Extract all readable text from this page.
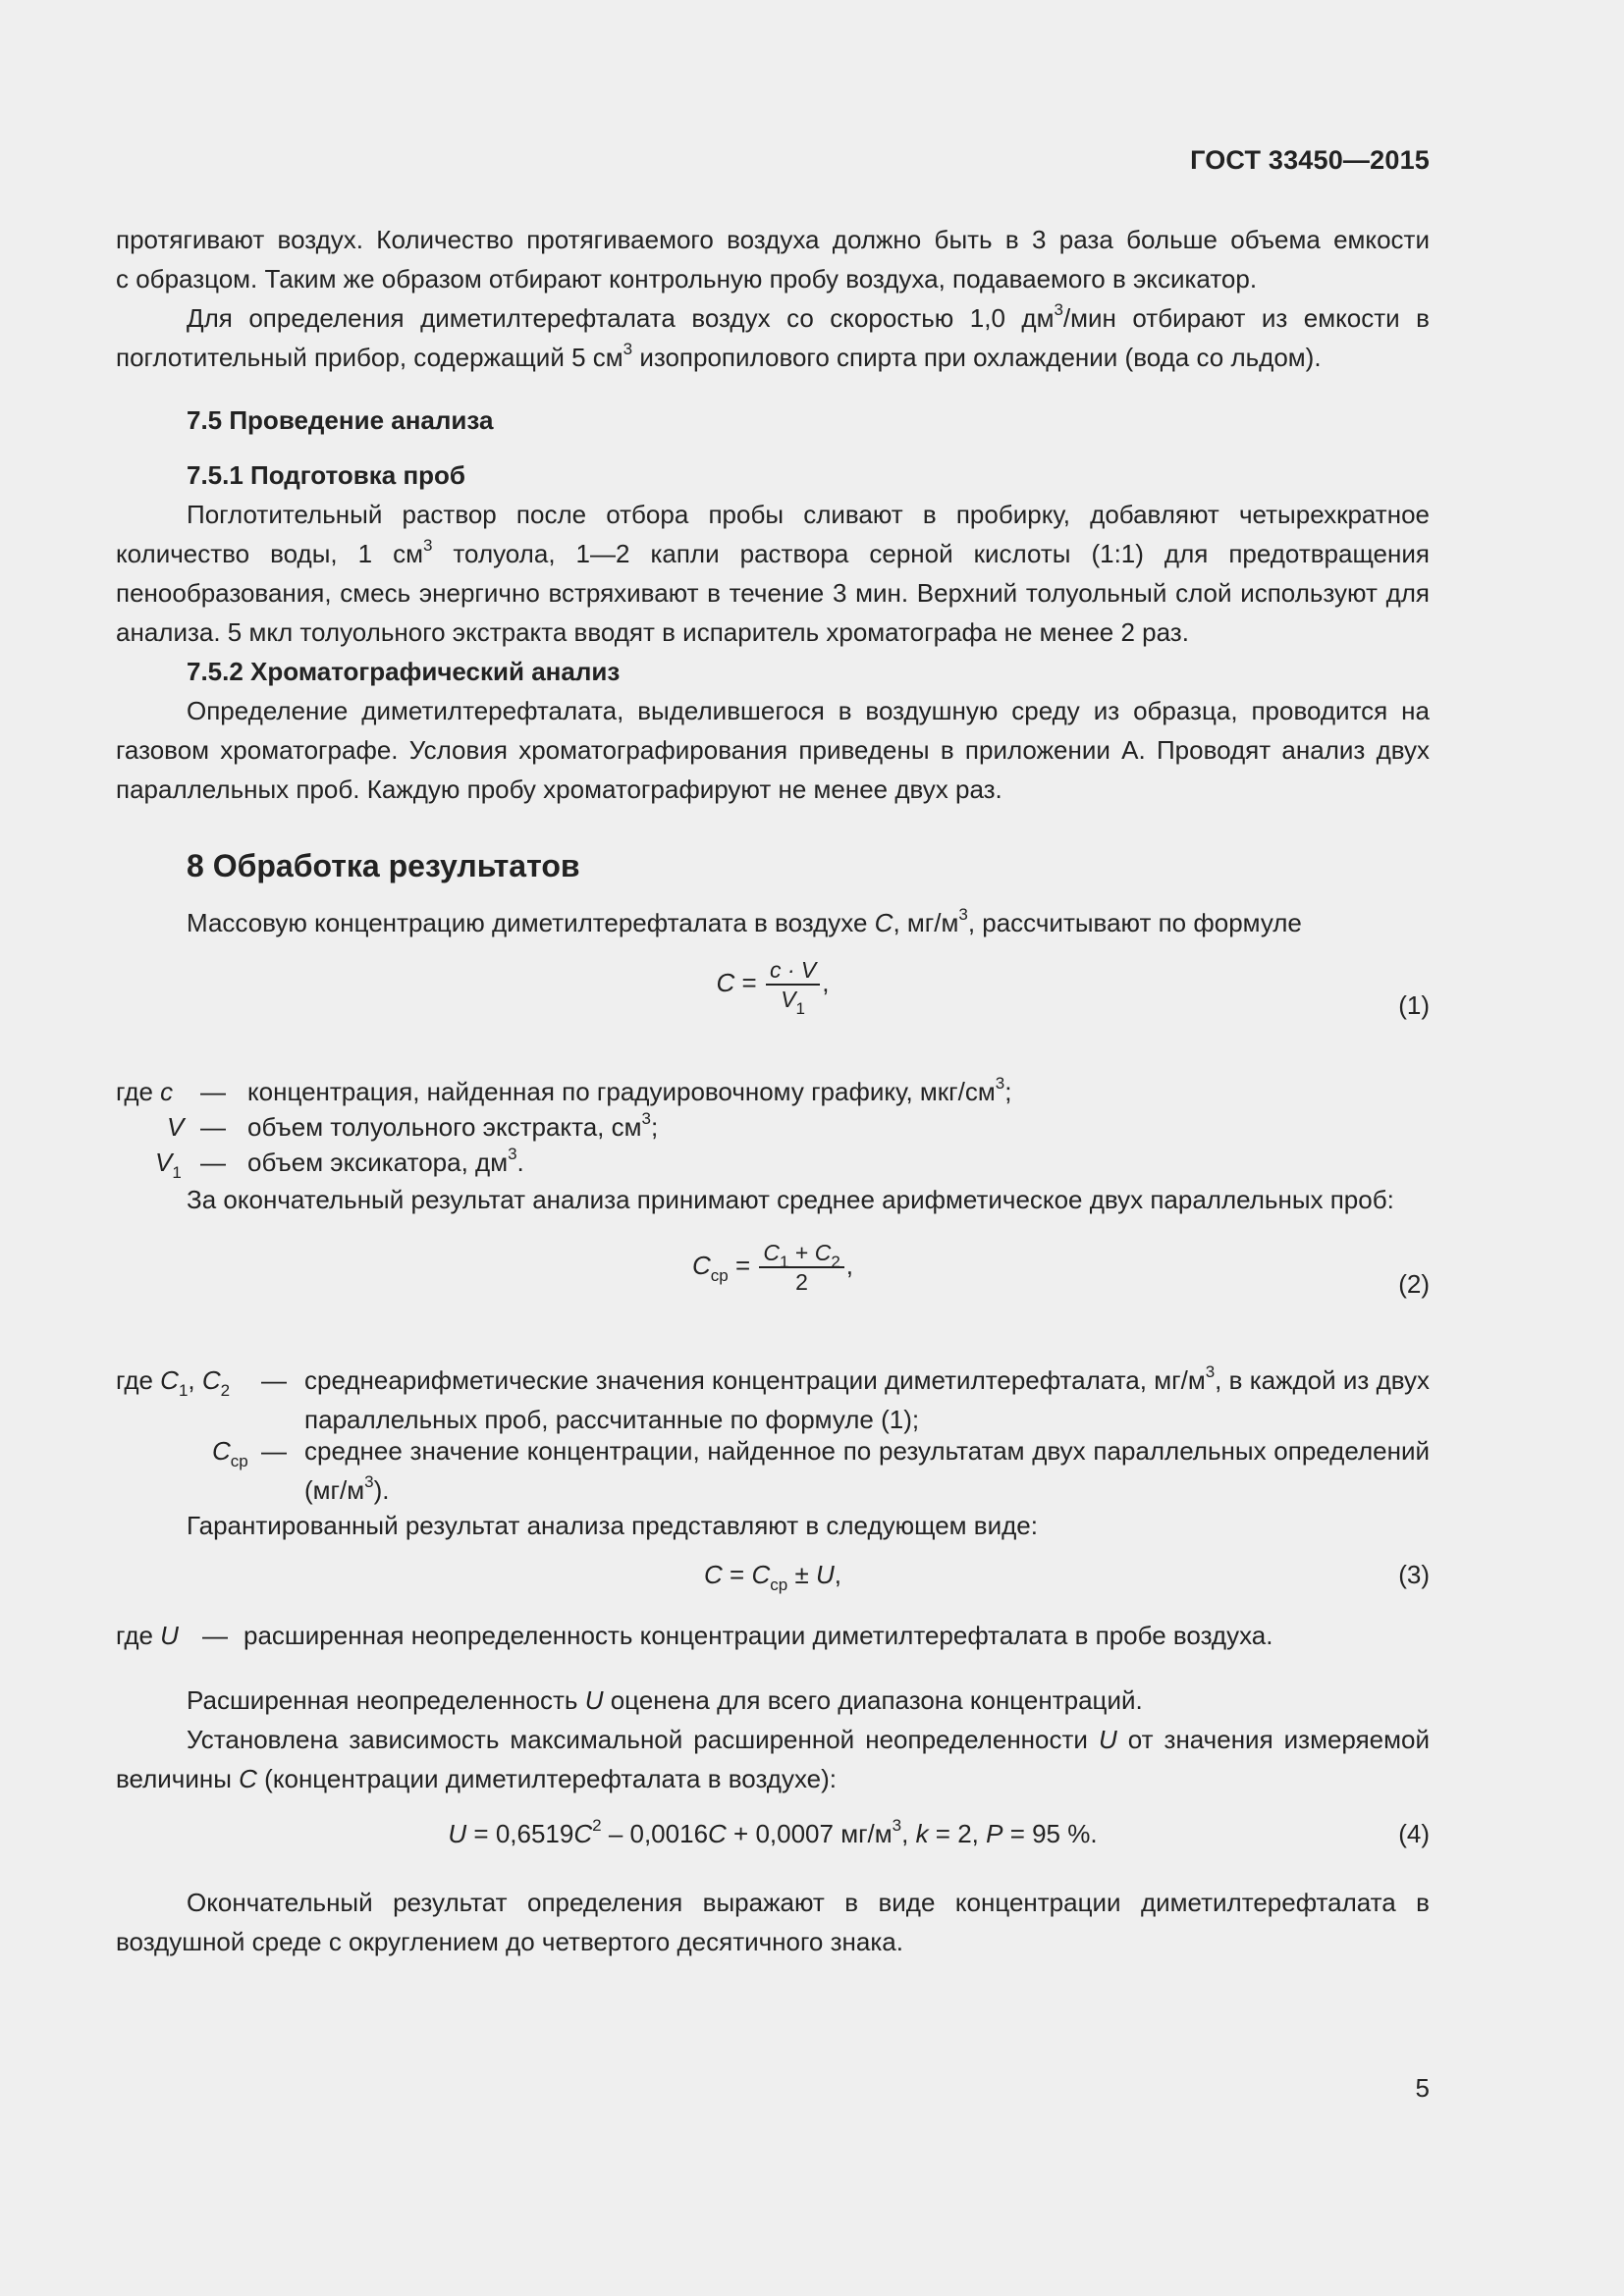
ГОСТ 33450—2015

протягивают воздух. Количество протягиваемого воздуха должно быть в 3 раза больше объема емкости

с образцом. Таким же образом отбирают контрольную пробу воздуха, подаваемого в эксикатор.

Для определения диметилтерефталата воздух со скоростью 1,0 $дм^3$/мин отбирают из емкости в поглотительный прибор, содержащий 5 $см^3$ изопропилового спирта при охлаждении (вода со льдом).

7.5 Проведение анализа

7.5.1 Подготовка проб

Поглотительный раствор после отбора пробы сливают в пробирку, добавляют четырехкратное количество воды, 1 $см^3$ толуола, 1—2 капли раствора серной кислоты (1:1) для предотвращения пенообразования, смесь энергично встряхивают в течение 3 мин. Верхний толуольный слой используют для анализа. 5 мкл толуольного экстракта вводят в испаритель хроматографа не менее 2 раз.

7.5.2 Хроматографический анализ

Определение диметилтерефталата, выделившегося в воздушную среду из образца, проводится на газовом хроматографе. Условия хроматографирования приведены в приложении А. Проводят анализ двух параллельных проб. Каждую пробу хроматографируют не менее двух раз.

8 Обработка результатов

Массовую концентрацию диметилтерефталата в воздухе С, $мг/м^3$, рассчитывают по формуле

$C = \frac{c \cdot V}{V_1}$ ,
(1)
где c — концентрация, найденная по градуировочному графику, мкг/$см^3$;
V — объем толуольного экстракта, $см^3$;
$V_1$ — объем эксикатора, $дм^3$.

За окончательный результат анализа принимают среднее арифметическое двух параллельных проб:

$C_{ср} = \frac{C_1 + C_2}{2}$ ,
(2)
где $C_1$, $C_2$ — среднеарифметические значения концентрации диметилтерефталата, $мг/м^3$, в каждой из двух параллельных проб, рассчитанные по формуле (1);
$C_{ср}$ — среднее значение концентрации, найденное по результатам двух параллельных определений $(мг/м^3)$.

Гарантированный результат анализа представляют в следующем виде:

$C = C_{ср} \pm U$,	(3)
где U — расширенная неопределенность концентрации диметилтерефталата в пробе воздуха.

Расширенная неопределенность U оценена для всего диапазона концентраций.

Установлена зависимость максимальной расширенной неопределенности U от значения измеряемой величины С (концентрации диметилтерефталата в воздухе):

$U = 0,6519C^2 - 0,0016C + 0,0007$ $мг/м^3$, k = 2, P = 95 %.	(4)

Окончательный результат определения выражают в виде концентрации диметилтерефталата в воздушной среде с округлением до четвертого десятичного знака.

5
